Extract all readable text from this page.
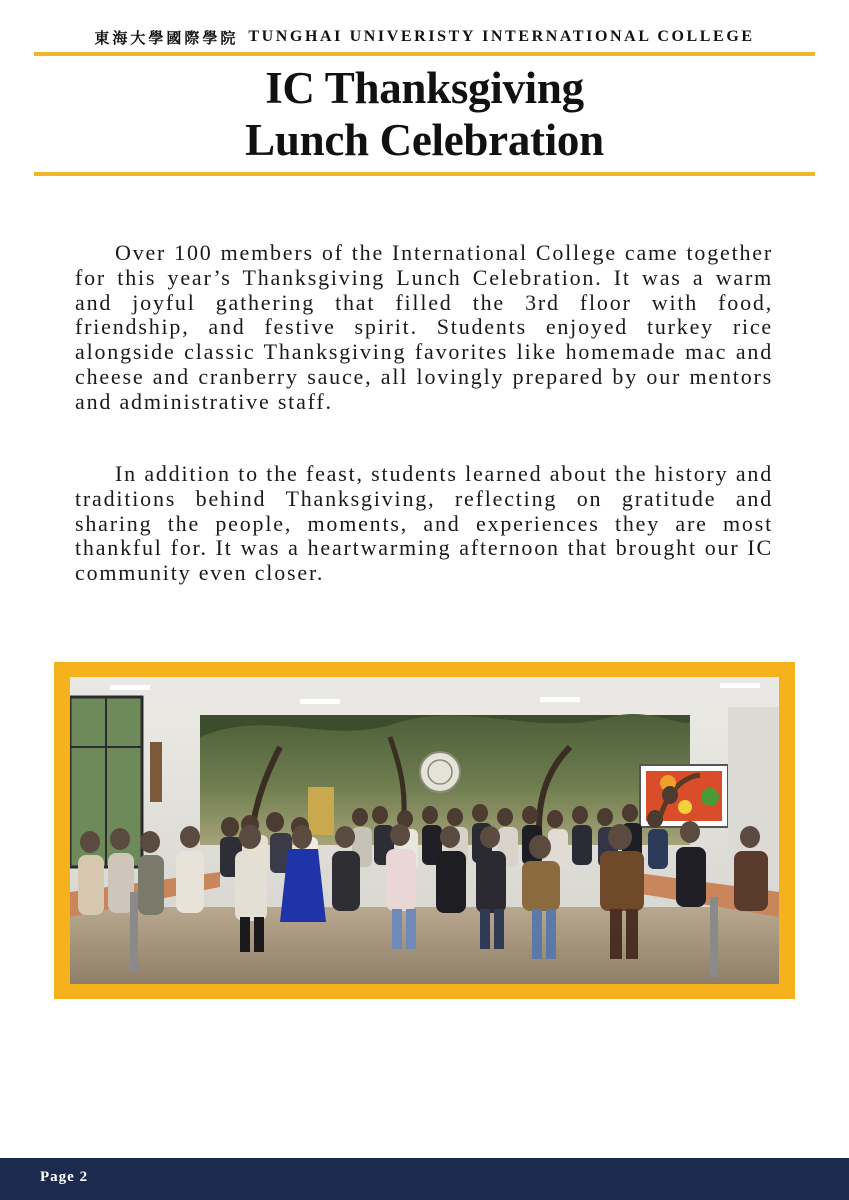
東海大學國際學院 TUNGHAI UNIVERISTY INTERNATIONAL COLLEGE
IC Thanksgiving
Lunch Celebration

Over 100 members of the International College came together for this year’s Thanksgiving Lunch Celebration. It was a warm and joyful gathering that filled the 3rd floor with food, friendship, and festive spirit. Students enjoyed turkey rice alongside classic Thanksgiving favorites like homemade mac and cheese and cranberry sauce, all lovingly prepared by our mentors and administrative staff.

In addition to the feast, students learned about the history and traditions behind Thanksgiving, reflecting on gratitude and sharing the people, moments, and experiences they are most thankful for. It was a heartwarming afternoon that brought our IC community even closer.

Page 2
